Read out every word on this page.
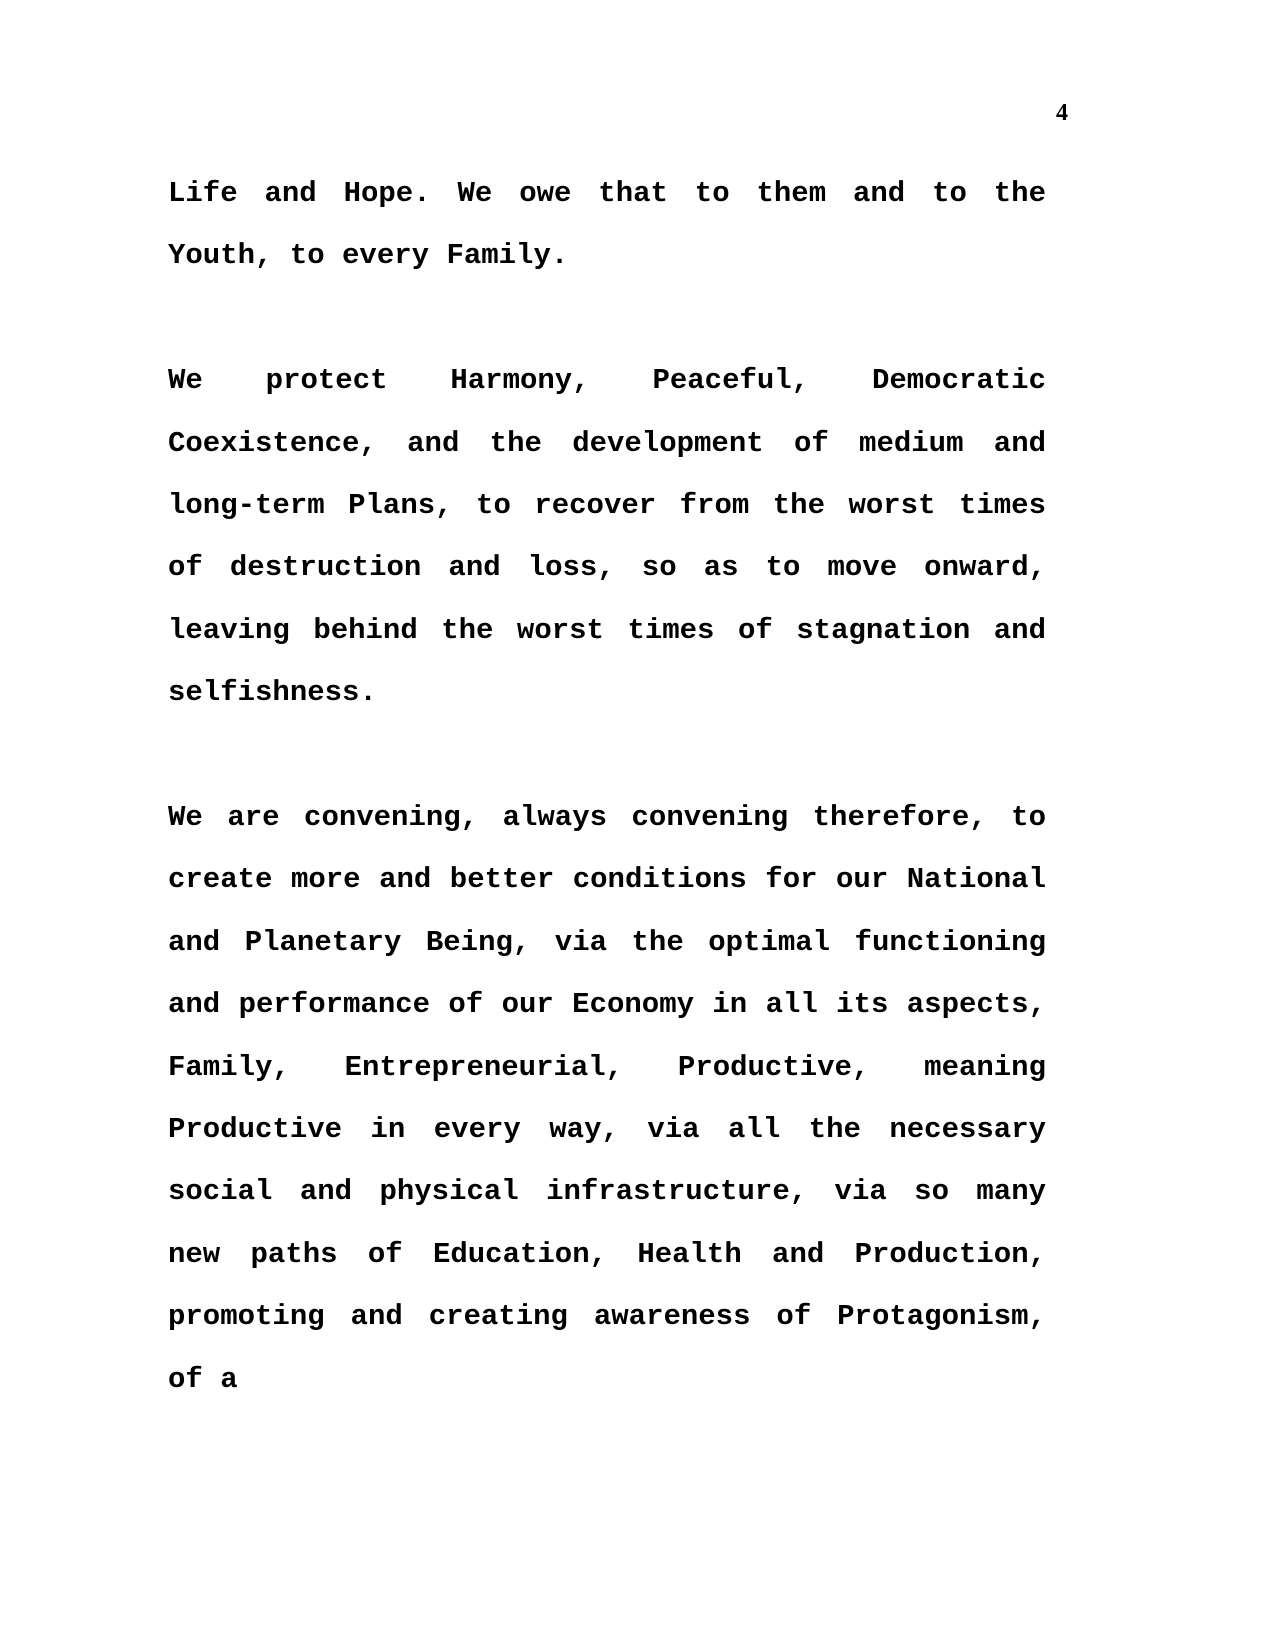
4

Life and Hope. We owe that to them and to the Youth, to every Family.

We protect Harmony, Peaceful, Democratic Coexistence, and the development of medium and long-term Plans, to recover from the worst times of destruction and loss, so as to move onward, leaving behind the worst times of stagnation and selfishness.

We are convening, always convening therefore, to create more and better conditions for our National and Planetary Being, via the optimal functioning and performance of our Economy in all its aspects, Family, Entrepreneurial, Productive, meaning Productive in every way, via all the necessary social and physical infrastructure, via so many new paths of Education, Health and Production, promoting and creating awareness of Protagonism, of a
